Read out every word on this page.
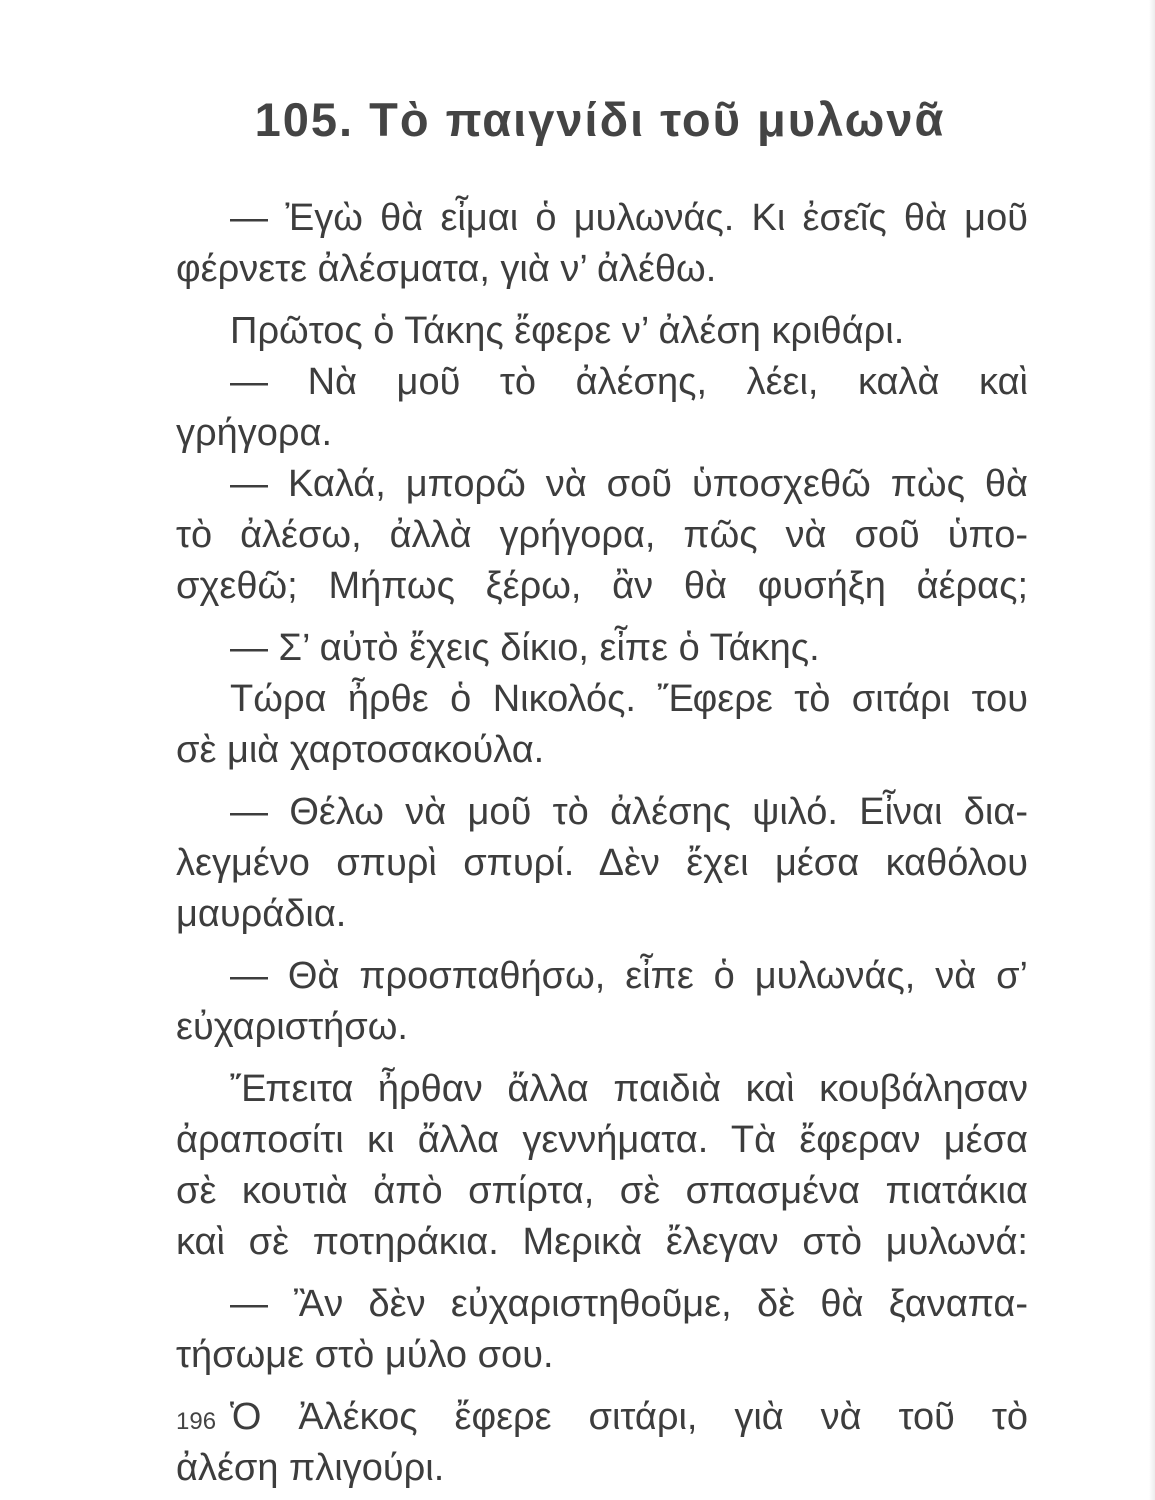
105. Τὸ παιγνίδι τοῦ μυλωνᾶ
— Ἐγὼ θὰ εἶμαι ὁ μυλωνάς. Κι ἐσεῖς θὰ μοῦ
φέρνετε ἀλέσματα, γιὰ ν’ ἀλέθω.
Πρῶτος ὁ Τάκης ἔφερε ν’ ἀλέση κριθάρι.
— Νὰ μοῦ τὸ ἀλέσης, λέει, καλὰ καὶ
γρήγορα.
— Καλά, μπορῶ νὰ σοῦ ὑποσχεθῶ πὼς θὰ
τὸ ἀλέσω, ἀλλὰ γρήγορα, πῶς νὰ σοῦ ὑπο-
σχεθῶ; Μήπως ξέρω, ἂν θὰ φυσήξη ἀέρας;
— Σ’ αὐτὸ ἔχεις δίκιο, εἶπε ὁ Τάκης.
Τώρα ἦρθε ὁ Νικολός. Ἔφερε τὸ σιτάρι του
σὲ μιὰ χαρτοσακούλα.
— Θέλω νὰ μοῦ τὸ ἀλέσης ψιλό. Εἶναι δια-
λεγμένο σπυρὶ σπυρί. Δὲν ἔχει μέσα καθόλου
μαυράδια.
— Θὰ προσπαθήσω, εἶπε ὁ μυλωνάς, νὰ σ’
εὐχαριστήσω.
Ἔπειτα ἦρθαν ἄλλα παιδιὰ καὶ κουβάλησαν
ἀραποσίτι κι ἄλλα γεννήματα. Τὰ ἔφεραν μέσα
σὲ κουτιὰ ἀπὸ σπίρτα, σὲ σπασμένα πιατάκια
καὶ σὲ ποτηράκια. Μερικὰ ἔλεγαν στὸ μυλωνά:
— Ἂν δὲν εὐχαριστηθοῦμε, δὲ θὰ ξαναπα-
τήσωμε στὸ μύλο σου.
Ὁ Ἀλέκος ἔφερε σιτάρι, γιὰ νὰ τοῦ τὸ
ἀλέση πλιγούρι.
196
